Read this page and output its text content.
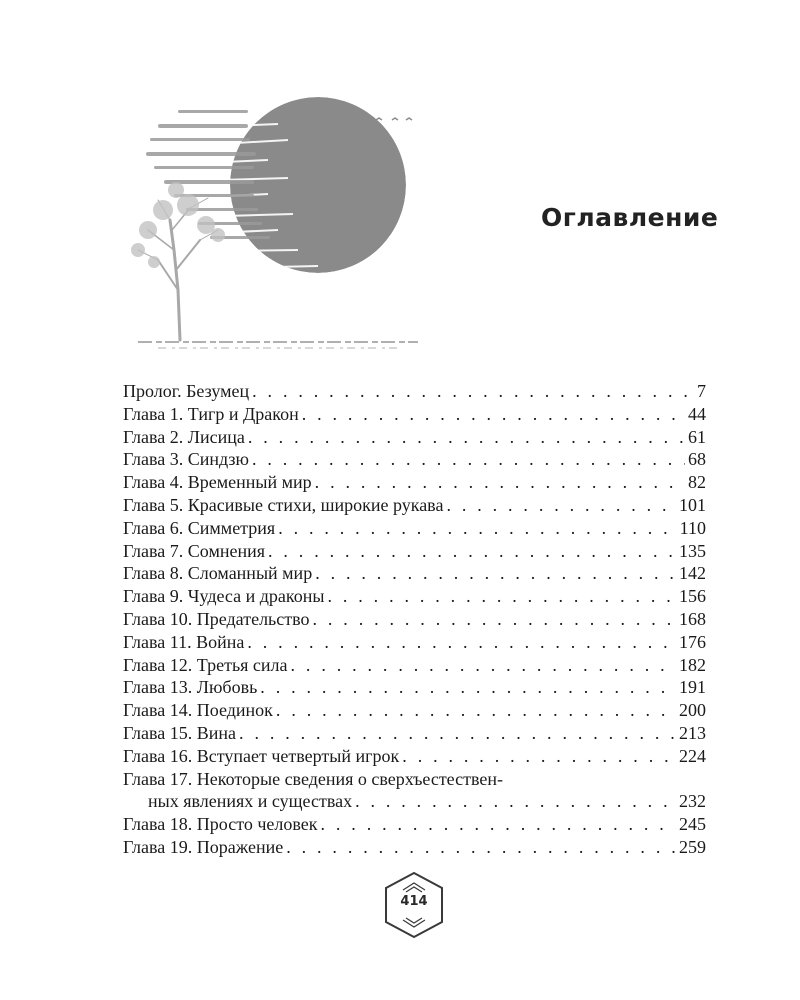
Оглавление
Пролог. Безумец . . .	7
Глава 1. Тигр и Дракон . . .	44
Глава 2. Лисица . . .	61
Глава 3. Синдзю . . .	68
Глава 4. Временный мир . . .	82
Глава 5. Красивые стихи, широкие рукава . . .	101
Глава 6. Симметрия . . .	110
Глава 7. Сомнения . . .	135
Глава 8. Сломанный мир . . .	142
Глава 9. Чудеса и драконы . . .	156
Глава 10. Предательство . . .	168
Глава 11. Война . . .	176
Глава 12. Третья сила . . .	182
Глава 13. Любовь . . .	191
Глава 14. Поединок . . .	200
Глава 15. Вина . . .	213
Глава 16. Вступает четвертый игрок . . .	224
Глава 17. Некоторые сведения о сверхъестествен-
ных явлениях и существах . . .	232
Глава 18. Просто человек . . .	245
Глава 19. Поражение . . .	259
414
